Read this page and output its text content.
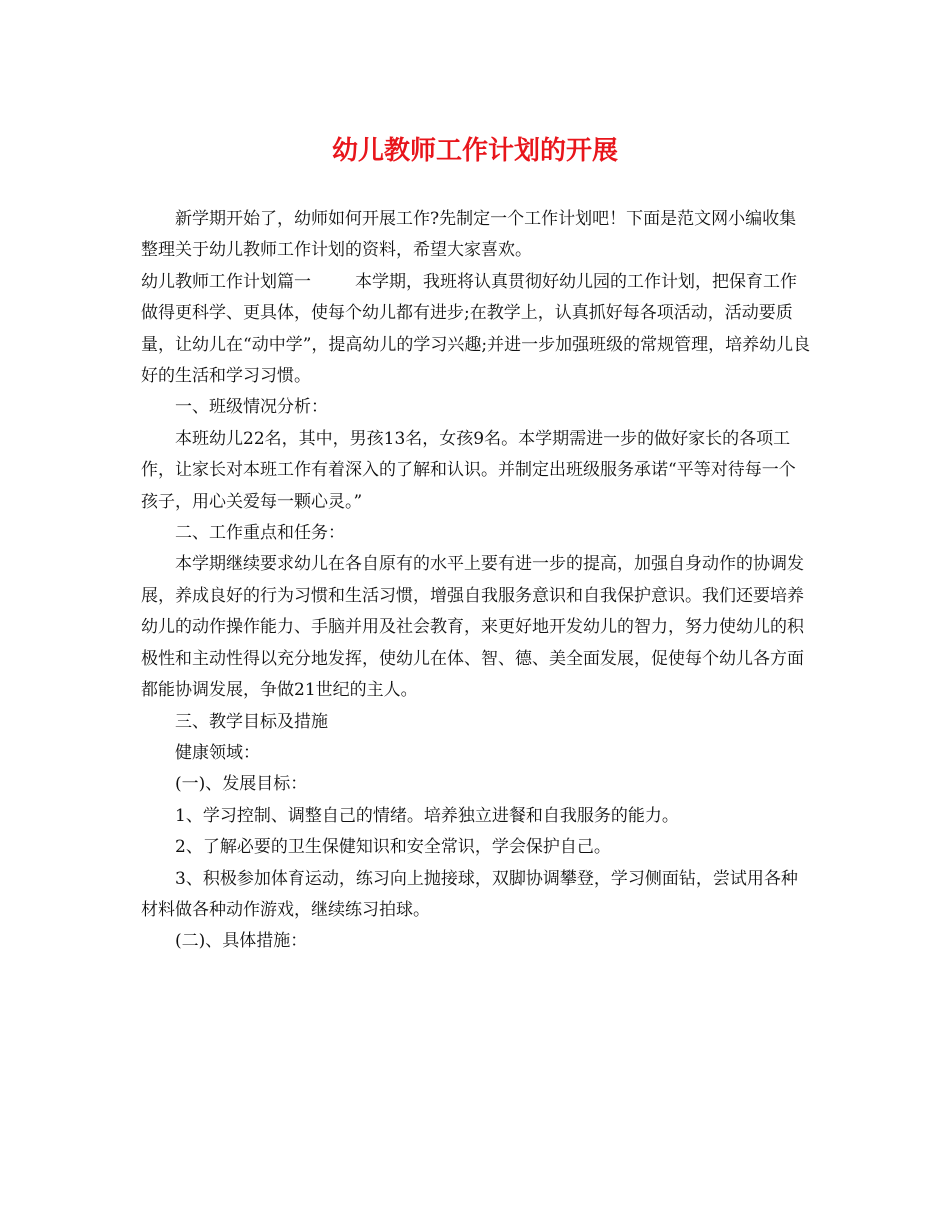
幼儿教师工作计划的开展

新学期开始了，幼师如何开展工作?先制定一个工作计划吧！下面是范文网小编收集整理关于幼儿教师工作计划的资料，希望大家喜欢。

幼儿教师工作计划篇一	本学期，我班将认真贯彻好幼儿园的工作计划，把保育工作做得更科学、更具体，使每个幼儿都有进步;在教学上，认真抓好每各项活动，活动要质量，让幼儿在“动中学”，提高幼儿的学习兴趣;并进一步加强班级的常规管理，培养幼儿良好的生活和学习习惯。

一、班级情况分析：

本班幼儿22名，其中，男孩13名，女孩9名。本学期需进一步的做好家长的各项工作，让家长对本班工作有着深入的了解和认识。并制定出班级服务承诺“平等对待每一个孩子，用心关爱每一颗心灵。”

二、工作重点和任务：

本学期继续要求幼儿在各自原有的水平上要有进一步的提高，加强自身动作的协调发展，养成良好的行为习惯和生活习惯，增强自我服务意识和自我保护意识。我们还要培养幼儿的动作操作能力、手脑并用及社会教育，来更好地开发幼儿的智力，努力使幼儿的积极性和主动性得以充分地发挥，使幼儿在体、智、德、美全面发展，促使每个幼儿各方面都能协调发展，争做21世纪的主人。

三、教学目标及措施

健康领域：

(一)、发展目标：

1、学习控制、调整自己的情绪。培养独立进餐和自我服务的能力。

2、了解必要的卫生保健知识和安全常识，学会保护自己。

3、积极参加体育运动，练习向上抛接球，双脚协调攀登，学习侧面钻，尝试用各种材料做各种动作游戏，继续练习拍球。

(二)、具体措施：
